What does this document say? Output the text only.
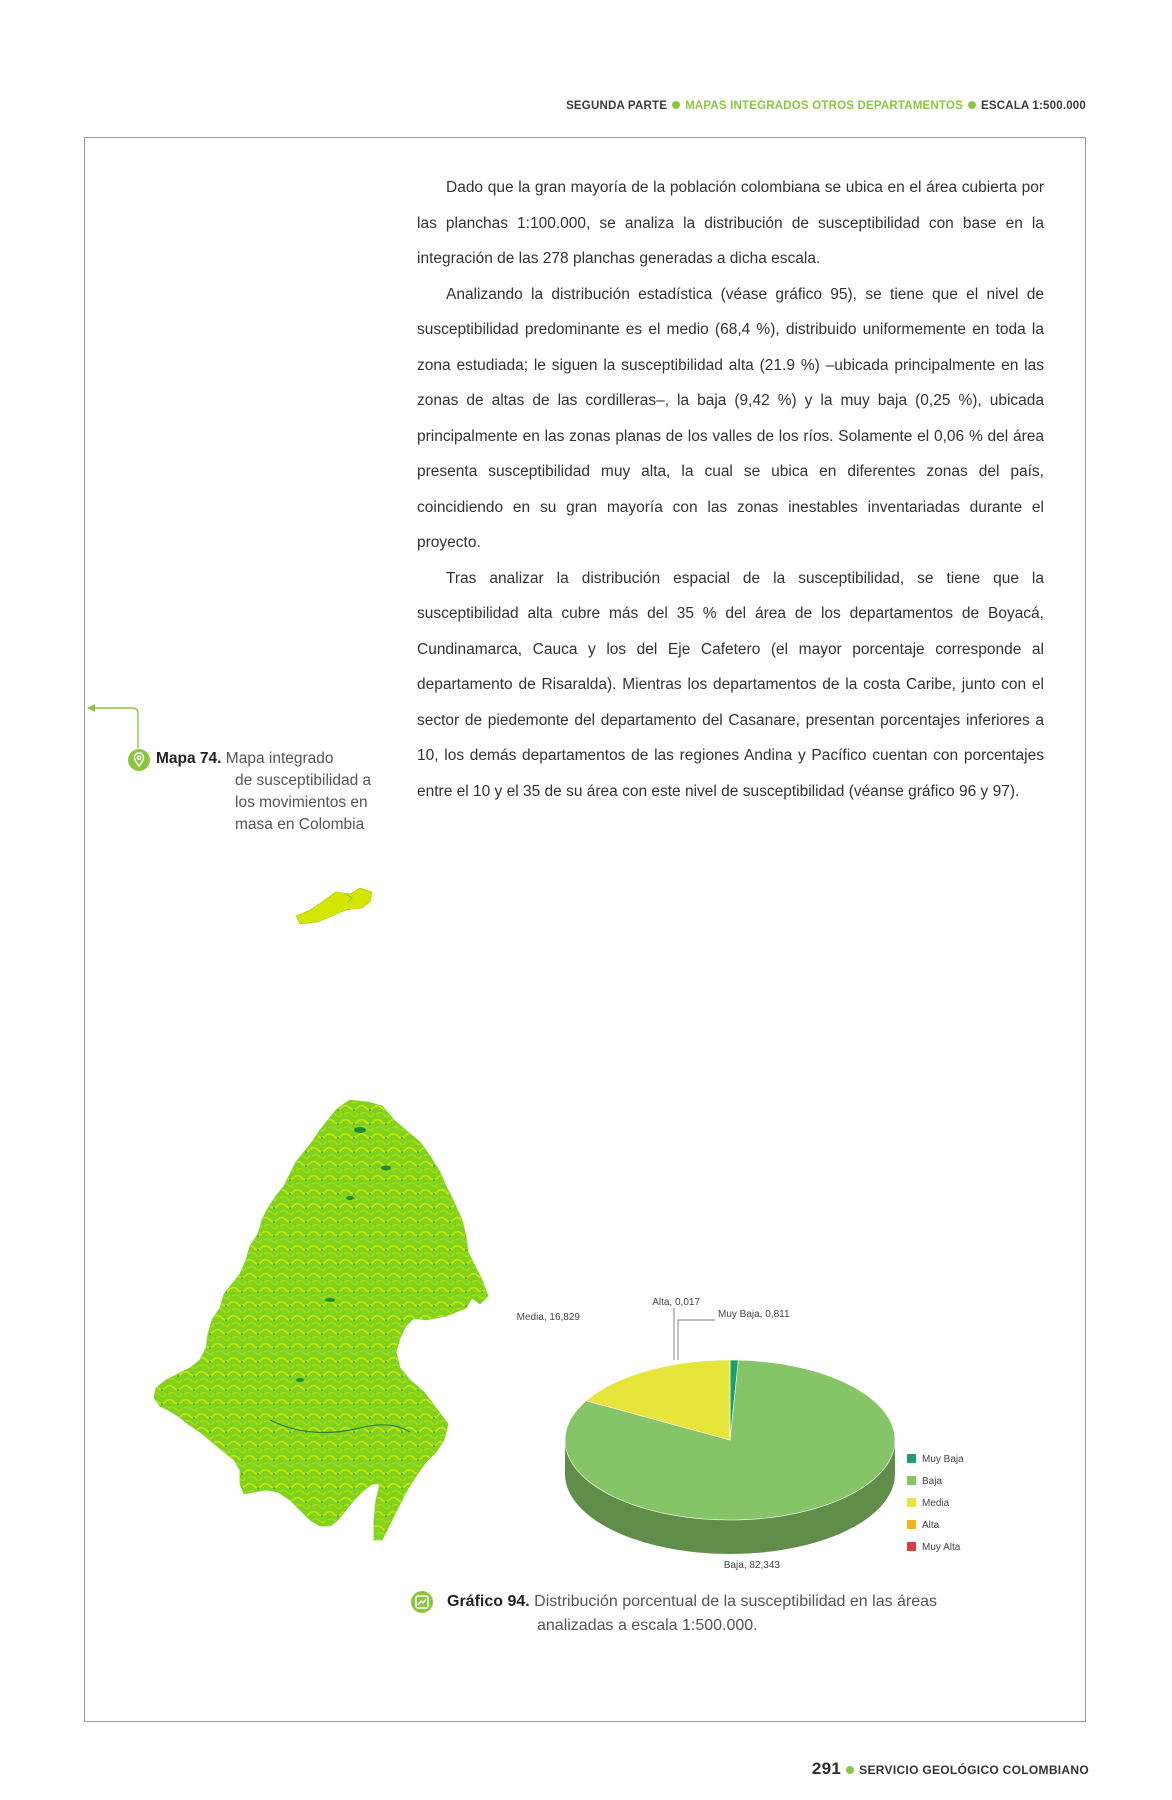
SEGUNDA PARTE MAPAS INTEGRADOS OTROS DEPARTAMENTOS ESCALA 1:500.000

Dado que la gran mayoría de la población colombiana se ubica en el área cubierta por las planchas 1:100.000, se analiza la distribución de susceptibilidad con base en la integración de las 278 planchas generadas a dicha escala.

Analizando la distribución estadística (véase gráfico 95), se tiene que el nivel de susceptibilidad predominante es el medio (68,4 %), distribuido uniformemente en toda la zona estudiada; le siguen la susceptibilidad alta (21.9 %) –ubicada principalmente en las zonas de altas de las cordilleras–, la baja (9,42 %) y la muy baja (0,25 %), ubicada principalmente en las zonas planas de los valles de los ríos. Solamente el 0,06 % del área presenta susceptibilidad muy alta, la cual se ubica en diferentes zonas del país, coincidiendo en su gran mayoría con las zonas inestables inventariadas durante el proyecto.

Tras analizar la distribución espacial de la susceptibilidad, se tiene que la susceptibilidad alta cubre más del 35 % del área de los departamentos de Boyacá, Cundinamarca, Cauca y los del Eje Cafetero (el mayor porcentaje corresponde al departamento de Risaralda). Mientras los departamentos de la costa Caribe, junto con el sector de piedemonte del departamento del Casanare, presentan porcentajes inferiores a 10, los demás departamentos de las regiones Andina y Pacífico cuentan con porcentajes entre el 10 y el 35 de su área con este nivel de susceptibilidad (véanse gráfico 96 y 97).

Mapa 74. Mapa integrado
de susceptibilidad a
los movimientos en
masa en Colombia
Alta, 0,017
Muy Baja, 0,811
Media, 16,829
Baja, 82,343
Muy Baja
Baja
Media
Alta
Muy Alta
Gráfico 94. Distribución porcentual de la susceptibilidad en las áreas
analizadas a escala 1:500.000.
291 SERVICIO GEOLÓGICO COLOMBIANO
